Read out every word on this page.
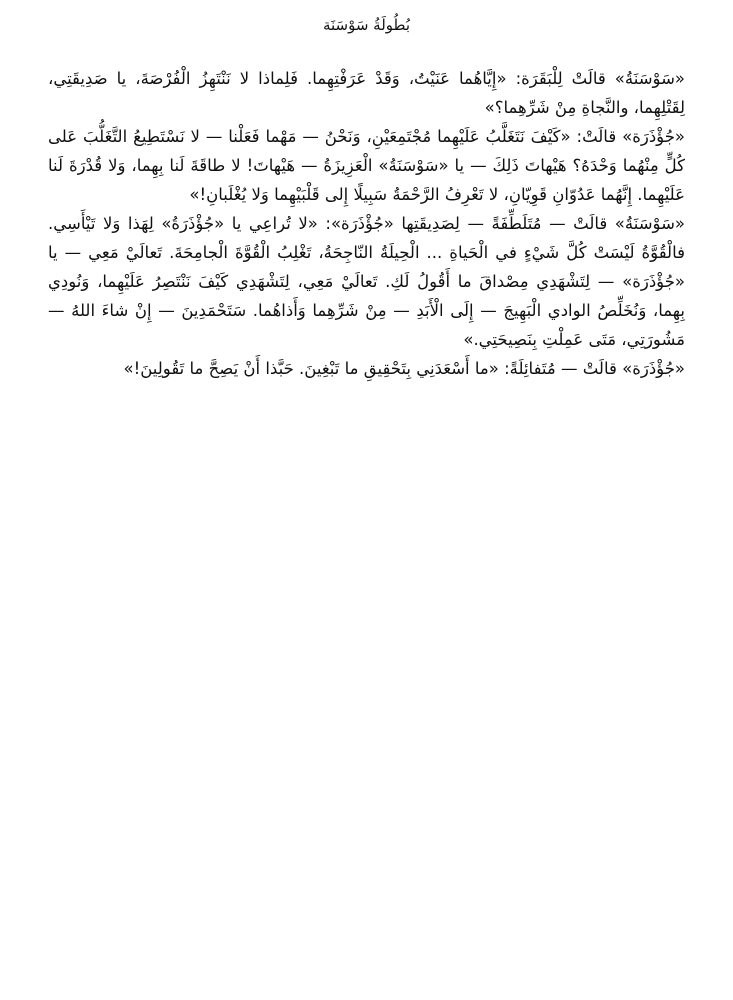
بُطُولَةُ سَوْسَنَة

«سَوْسَنَةُ» قالَتْ لِلْبَقَرَة: «إِيَّاهُما عَنَيْتُ، وَقَدْ عَرَفْتِهِما. فَلِماذا لا نَنْتَهِزُ الْفُرْصَةَ، يا صَدِيقَتِي، لِقَتْلِهِما، والنَّجاةِ مِنْ شَرِّهِما؟»

«جُؤْذَرَة» قالَتْ: «كَيْفَ نَتَغَلَّبُ عَلَيْهِما مُجْتَمِعَيْنِ، وَنَحْنُ — مَهْما فَعَلْنا — لا نَسْتَطِيعُ التَّغَلُّبَ عَلى كُلٍّ مِنْهُما وَحْدَهُ؟ هَيْهاتَ ذَلِكَ — يا «سَوْسَنَةُ» الْعَزِيزَةُ — هَيْهاتَ! لا طاقَةَ لَنا بِهِما، وَلا قُدْرَةَ لَنا عَلَيْهِما. إِنَّهُما عَدُوّانِ قَوِيّانِ، لا تَعْرِفُ الرَّحْمَةُ سَبِيلًا إِلى قَلْبَيْهِما وَلا يُغْلَبانِ!»

«سَوْسَنَةُ» قالَتْ — مُتَلَطِّفَةً — لِصَدِيقَتِها «جُؤْذَرَة»: «لا تُراعِي يا «جُؤْذَرَةُ» لِهَذا وَلا تَيْأَسِي. فالْقُوَّةُ لَيْسَتْ كُلَّ شَيْءٍ في الْحَياةِ ... الْحِيلَةُ النّاجِحَةُ، تَغْلِبُ الْقُوَّةَ الْجامِحَةَ. تَعالَيْ مَعِي — يا «جُؤْذَرَة» — لِتَشْهَدِي مِصْداقَ ما أَقُولُ لَكِ. تَعالَيْ مَعِي، لِتَشْهَدِي كَيْفَ نَنْتَصِرُ عَلَيْهِما، وَنُودِي بِهِما، وَنُخَلِّصُ الوادي الْبَهِيجَ — إِلَى الْأَبَدِ — مِنْ شَرِّهِما وَأَذاهُما. سَتَحْمَدِينَ — إِنْ شاءَ اللهُ — مَشُورَتِي، مَتَى عَمِلْتِ بِنَصِيحَتِي.»

«جُؤْذَرَة» قالَتْ — مُتَفائِلَةً: «ما أَسْعَدَنِي بِتَحْقِيقِ ما تَبْغِينَ. حَبَّذا أَنْ يَصِحَّ ما تَقُولِينَ!»
